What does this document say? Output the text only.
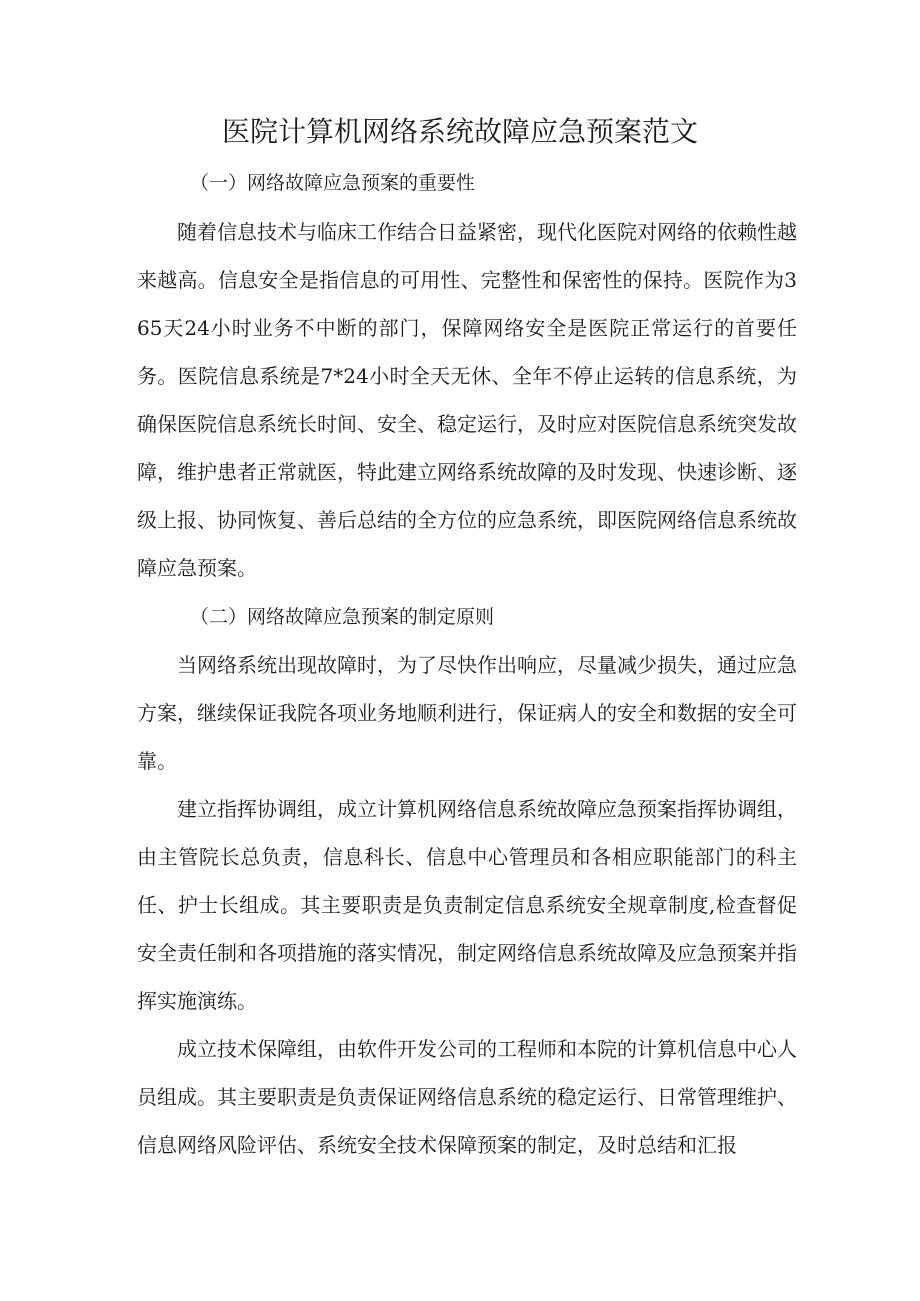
医院计算机网络系统故障应急预案范文
（一）网络故障应急预案的重要性

随着信息技术与临床工作结合日益紧密，现代化医院对网络的依赖性越来越高。信息安全是指信息的可用性、完整性和保密性的保持。医院作为365天24小时业务不中断的部门，保障网络安全是医院正常运行的首要任务。医院信息系统是7*24小时全天无休、全年不停止运转的信息系统，为确保医院信息系统长时间、安全、稳定运行，及时应对医院信息系统突发故障，维护患者正常就医，特此建立网络系统故障的及时发现、快速诊断、逐级上报、协同恢复、善后总结的全方位的应急系统，即医院网络信息系统故障应急预案。

（二）网络故障应急预案的制定原则

当网络系统出现故障时，为了尽快作出响应，尽量减少损失，通过应急方案，继续保证我院各项业务地顺利进行，保证病人的安全和数据的安全可靠。

建立指挥协调组，成立计算机网络信息系统故障应急预案指挥协调组，由主管院长总负责，信息科长、信息中心管理员和各相应职能部门的科主任、护士长组成。其主要职责是负责制定信息系统安全规章制度,检查督促安全责任制和各项措施的落实情况，制定网络信息系统故障及应急预案并指挥实施演练。

成立技术保障组，由软件开发公司的工程师和本院的计算机信息中心人员组成。其主要职责是负责保证网络信息系统的稳定运行、日常管理维护、信息网络风险评估、系统安全技术保障预案的制定，及时总结和汇报
